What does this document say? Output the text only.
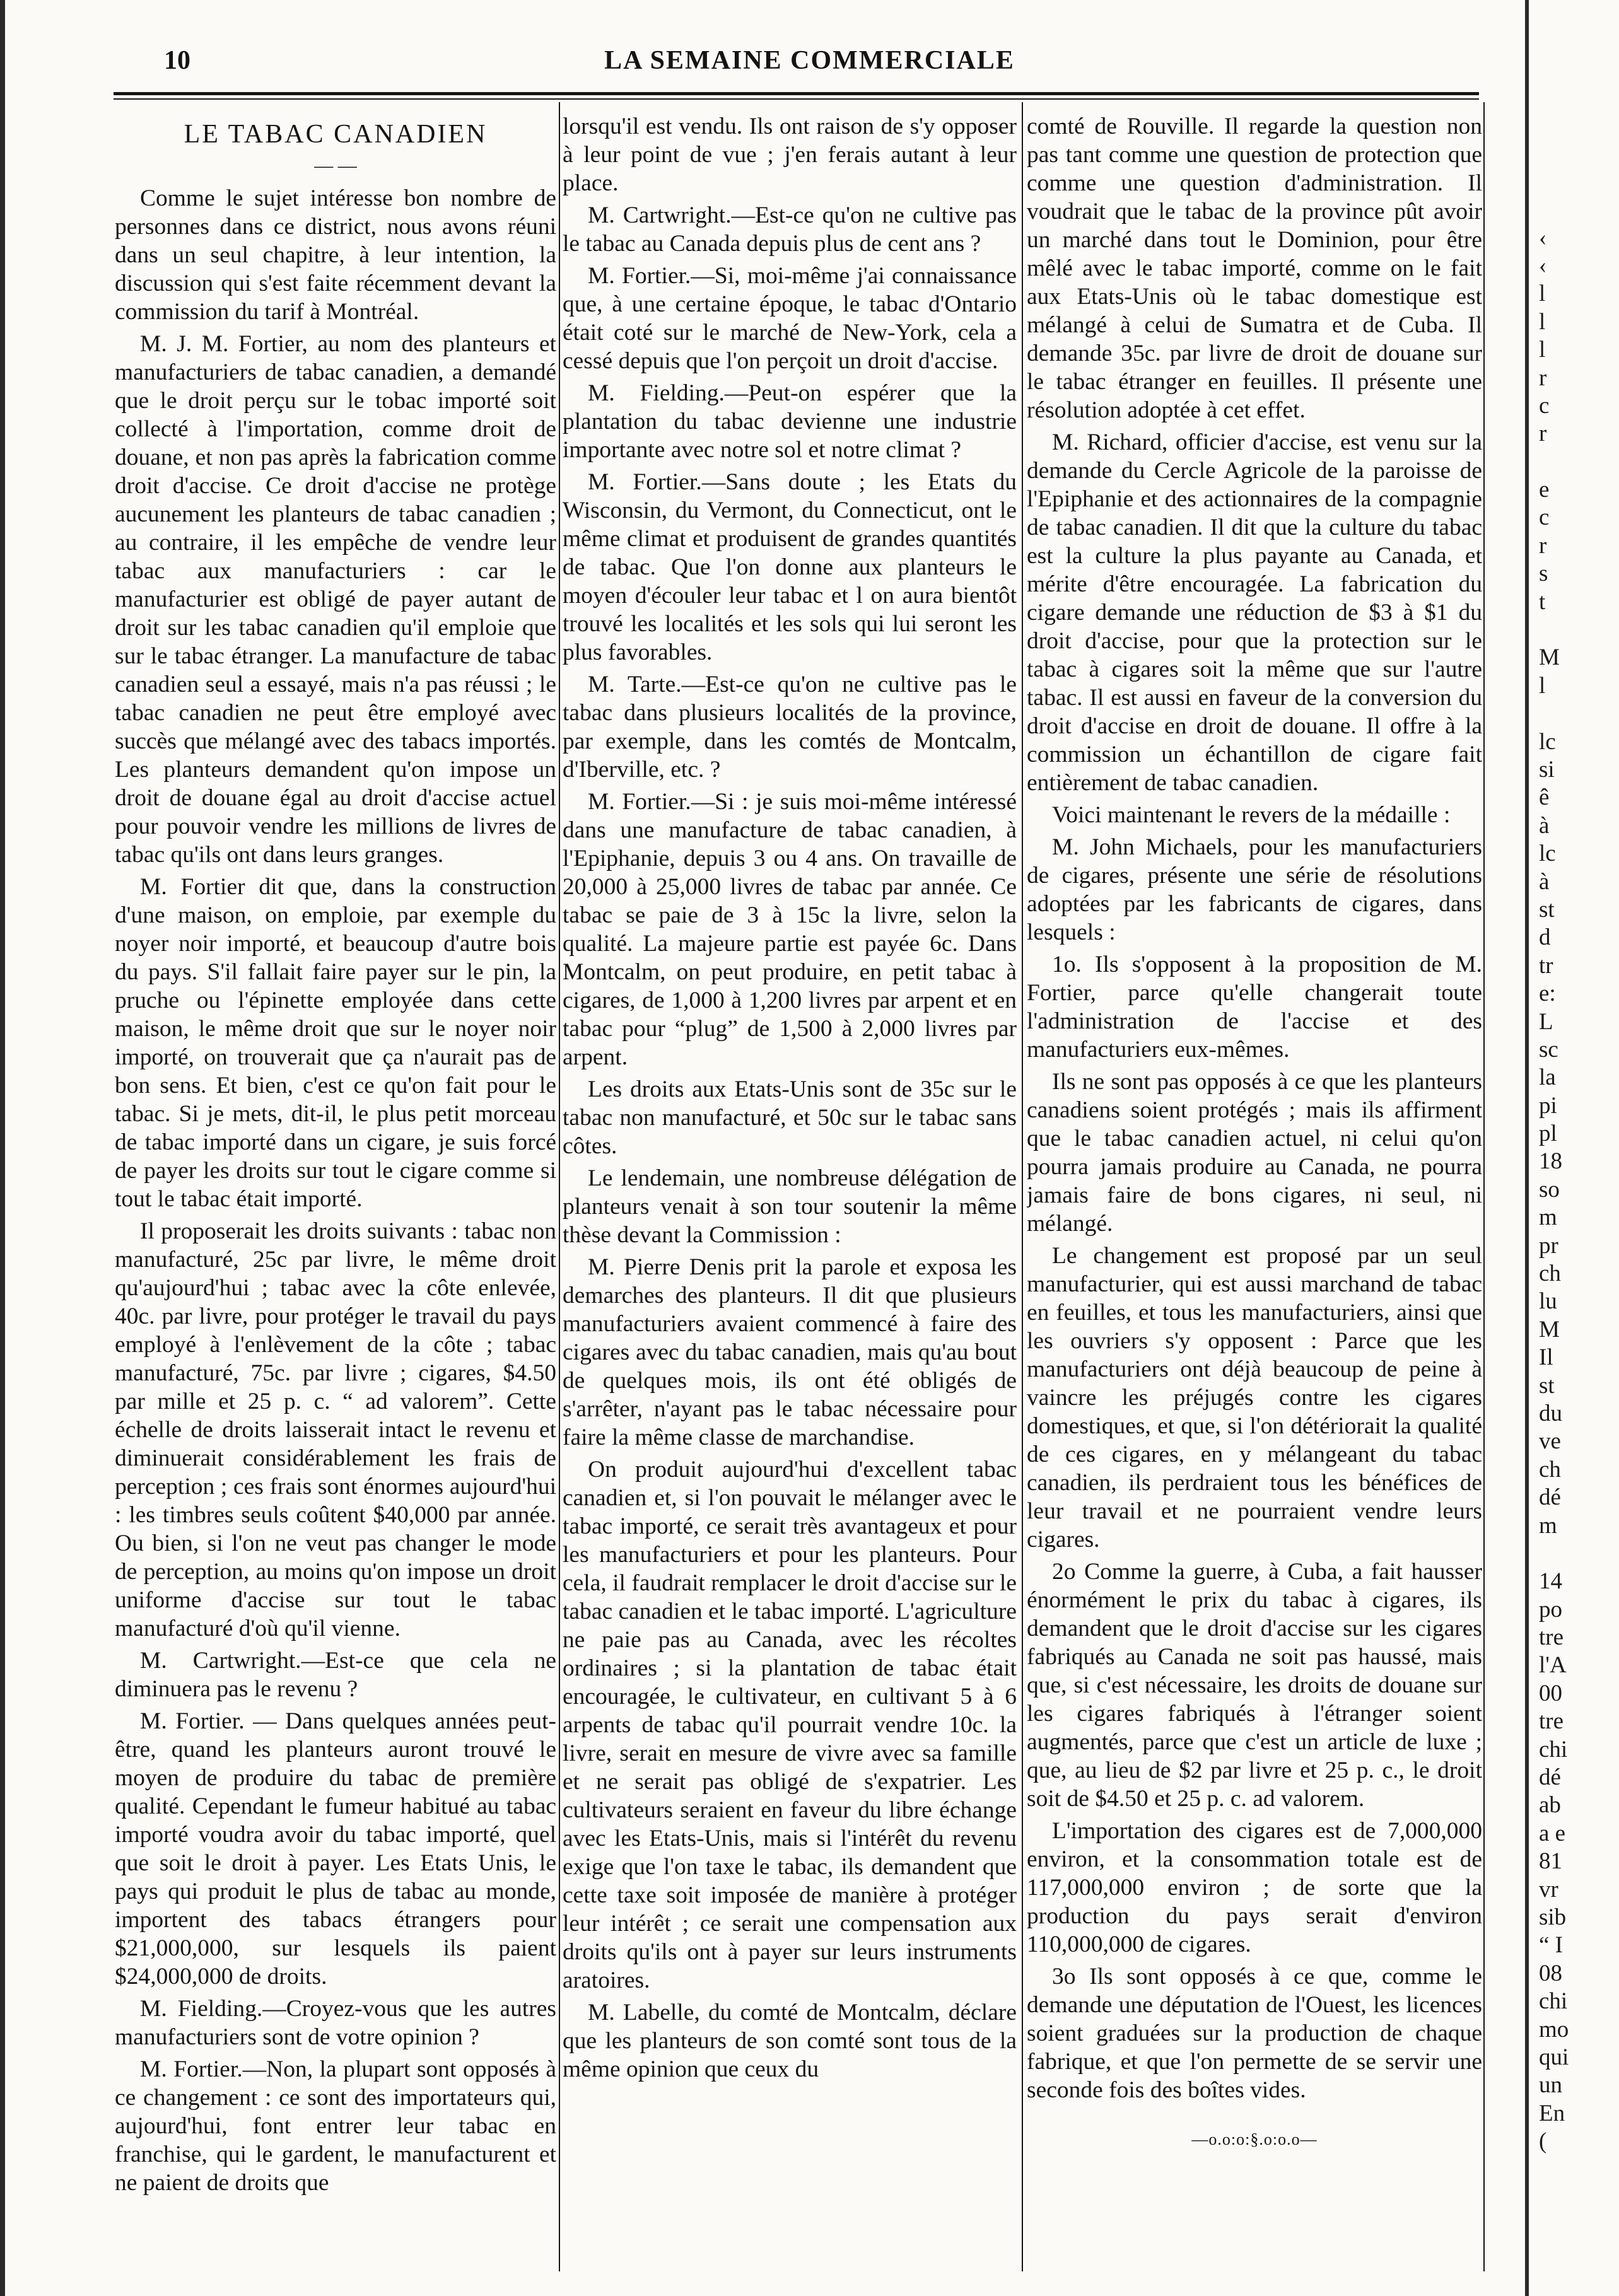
10	LA SEMAINE COMMERCIALE
LE TABAC CANADIEN
— —

Comme le sujet intéresse bon nombre de personnes dans ce district, nous avons réuni dans un seul chapitre, à leur intention, la discussion qui s'est faite récemment devant la commission du tarif à Montréal.

M. J. M. Fortier, au nom des planteurs et manufacturiers de tabac canadien, a demandé que le droit perçu sur le tobac importé soit collecté à l'importation, comme droit de douane, et non pas après la fabrication comme droit d'accise. Ce droit d'accise ne protège aucunement les planteurs de tabac canadien ; au contraire, il les empêche de vendre leur tabac aux manufacturiers : car le manufacturier est obligé de payer autant de droit sur les tabac canadien qu'il emploie que sur le tabac étranger. La manufacture de tabac canadien seul a essayé, mais n'a pas réussi ; le tabac canadien ne peut être employé avec succès que mélangé avec des tabacs importés. Les planteurs demandent qu'on impose un droit de douane égal au droit d'accise actuel pour pouvoir vendre les millions de livres de tabac qu'ils ont dans leurs granges.

M. Fortier dit que, dans la construction d'une maison, on emploie, par exemple du noyer noir importé, et beaucoup d'autre bois du pays. S'il fallait faire payer sur le pin, la pruche ou l'épinette employée dans cette maison, le même droit que sur le noyer noir importé, on trouverait que ça n'aurait pas de bon sens. Et bien, c'est ce qu'on fait pour le tabac. Si je mets, dit-il, le plus petit morceau de tabac importé dans un cigare, je suis forcé de payer les droits sur tout le cigare comme si tout le tabac était importé.

Il proposerait les droits suivants : tabac non manufacturé, 25c par livre, le même droit qu'aujourd'hui ; tabac avec la côte enlevée, 40c. par livre, pour protéger le travail du pays employé à l'enlèvement de la côte ; tabac manufacturé, 75c. par livre ; cigares, $4.50 par mille et 25 p. c. “ ad valorem”. Cette échelle de droits laisserait intact le revenu et diminuerait considérablement les frais de perception ; ces frais sont énormes aujourd'hui : les timbres seuls coûtent $40,000 par année. Ou bien, si l'on ne veut pas changer le mode de perception, au moins qu'on impose un droit uniforme d'accise sur tout le tabac manufacturé d'où qu'il vienne.

M. Cartwright.—Est-ce que cela ne diminuera pas le revenu ?

M. Fortier. — Dans quelques années peut-être, quand les planteurs auront trouvé le moyen de produire du tabac de première qualité. Cependant le fumeur habitué au tabac importé voudra avoir du tabac importé, quel que soit le droit à payer. Les Etats Unis, le pays qui produit le plus de tabac au monde, importent des tabacs étrangers pour $21,000,000, sur lesquels ils paient $24,000,000 de droits.

M. Fielding.—Croyez-vous que les autres manufacturiers sont de votre opinion ?

M. Fortier.—Non, la plupart sont opposés à ce changement : ce sont des importateurs qui, aujourd'hui, font entrer leur tabac en franchise, qui le gardent, le manufacturent et ne paient de droits que

lorsqu'il est vendu. Ils ont raison de s'y opposer à leur point de vue ; j'en ferais autant à leur place.

M. Cartwright.—Est-ce qu'on ne cultive pas le tabac au Canada depuis plus de cent ans ?

M. Fortier.—Si, moi-même j'ai connaissance que, à une certaine époque, le tabac d'Ontario était coté sur le marché de New-York, cela a cessé depuis que l'on perçoit un droit d'accise.

M. Fielding.—Peut-on espérer que la plantation du tabac devienne une industrie importante avec notre sol et notre climat ?

M. Fortier.—Sans doute ; les Etats du Wisconsin, du Vermont, du Connecticut, ont le même climat et produisent de grandes quantités de tabac. Que l'on donne aux planteurs le moyen d'écouler leur tabac et l on aura bientôt trouvé les localités et les sols qui lui seront les plus favorables.

M. Tarte.—Est-ce qu'on ne cultive pas le tabac dans plusieurs localités de la province, par exemple, dans les comtés de Montcalm, d'Iberville, etc. ?

M. Fortier.—Si : je suis moi-même intéressé dans une manufacture de tabac canadien, à l'Epiphanie, depuis 3 ou 4 ans. On travaille de 20,000 à 25,000 livres de tabac par année. Ce tabac se paie de 3 à 15c la livre, selon la qualité. La majeure partie est payée 6c. Dans Montcalm, on peut produire, en petit tabac à cigares, de 1,000 à 1,200 livres par arpent et en tabac pour “plug” de 1,500 à 2,000 livres par arpent.

Les droits aux Etats-Unis sont de 35c sur le tabac non manufacturé, et 50c sur le tabac sans côtes.

Le lendemain, une nombreuse délégation de planteurs venait à son tour soutenir la même thèse devant la Commission :

M. Pierre Denis prit la parole et exposa les demarches des planteurs. Il dit que plusieurs manufacturiers avaient commencé à faire des cigares avec du tabac canadien, mais qu'au bout de quelques mois, ils ont été obligés de s'arrêter, n'ayant pas le tabac nécessaire pour faire la même classe de marchandise.

On produit aujourd'hui d'excellent tabac canadien et, si l'on pouvait le mélanger avec le tabac importé, ce serait très avantageux et pour les manufacturiers et pour les planteurs. Pour cela, il faudrait remplacer le droit d'accise sur le tabac canadien et le tabac importé. L'agriculture ne paie pas au Canada, avec les récoltes ordinaires ; si la plantation de tabac était encouragée, le cultivateur, en cultivant 5 à 6 arpents de tabac qu'il pourrait vendre 10c. la livre, serait en mesure de vivre avec sa famille et ne serait pas obligé de s'expatrier. Les cultivateurs seraient en faveur du libre échange avec les Etats-Unis, mais si l'intérêt du revenu exige que l'on taxe le tabac, ils demandent que cette taxe soit imposée de manière à protéger leur intérêt ; ce serait une compensation aux droits qu'ils ont à payer sur leurs instruments aratoires.

M. Labelle, du comté de Montcalm, déclare que les planteurs de son comté sont tous de la même opinion que ceux du

comté de Rouville. Il regarde la question non pas tant comme une question de protection que comme une question d'administration. Il voudrait que le tabac de la province pût avoir un marché dans tout le Dominion, pour être mêlé avec le tabac importé, comme on le fait aux Etats-Unis où le tabac domestique est mélangé à celui de Sumatra et de Cuba. Il demande 35c. par livre de droit de douane sur le tabac étranger en feuilles. Il présente une résolution adoptée à cet effet.

M. Richard, officier d'accise, est venu sur la demande du Cercle Agricole de la paroisse de l'Epiphanie et des actionnaires de la compagnie de tabac canadien. Il dit que la culture du tabac est la culture la plus payante au Canada, et mérite d'être encouragée. La fabrication du cigare demande une réduction de $3 à $1 du droit d'accise, pour que la protection sur le tabac à cigares soit la même que sur l'autre tabac. Il est aussi en faveur de la conversion du droit d'accise en droit de douane. Il offre à la commission un échantillon de cigare fait entièrement de tabac canadien.

Voici maintenant le revers de la médaille :

M. John Michaels, pour les manufacturiers de cigares, présente une série de résolutions adoptées par les fabricants de cigares, dans lesquels :

1o. Ils s'opposent à la proposition de M. Fortier, parce qu'elle changerait toute l'administration de l'accise et des manufacturiers eux-mêmes.

Ils ne sont pas opposés à ce que les planteurs canadiens soient protégés ; mais ils affirment que le tabac canadien actuel, ni celui qu'on pourra jamais produire au Canada, ne pourra jamais faire de bons cigares, ni seul, ni mélangé.

Le changement est proposé par un seul manufacturier, qui est aussi marchand de tabac en feuilles, et tous les manufacturiers, ainsi que les ouvriers s'y opposent : Parce que les manufacturiers ont déjà beaucoup de peine à vaincre les préjugés contre les cigares domestiques, et que, si l'on détériorait la qualité de ces cigares, en y mélangeant du tabac canadien, ils perdraient tous les bénéfices de leur travail et ne pourraient vendre leurs cigares.

2o Comme la guerre, à Cuba, a fait hausser énormément le prix du tabac à cigares, ils demandent que le droit d'accise sur les cigares fabriqués au Canada ne soit pas haussé, mais que, si c'est nécessaire, les droits de douane sur les cigares fabriqués à l'étranger soient augmentés, parce que c'est un article de luxe ; que, au lieu de $2 par livre et 25 p. c., le droit soit de $4.50 et 25 p. c. ad valorem.

L'importation des cigares est de 7,000,000 environ, et la consommation totale est de 117,000,000 environ ; de sorte que la production du pays serait d'environ 110,000,000 de cigares.

3o Ils sont opposés à ce que, comme le demande une députation de l'Ouest, les licences soient graduées sur la production de chaque fabrique, et que l'on permette de se servir une seconde fois des boîtes vides.

—o.o:o:§.o:o.o—
‹
‹
l
l
l
r
c
r
e
c
r
s
t
M
l
lc
si
ê
à
lc
à
st
d
tr
e:
L
sc
la
pi
pl
18
so
m
pr
ch
lu
M
Il
st
du
ve
ch
dé
m
14
po
tre
l'A
00
tre
chi
dé
ab
a e
81
vr
sib
“ I
08
chi
mo
qui
un
En
(
